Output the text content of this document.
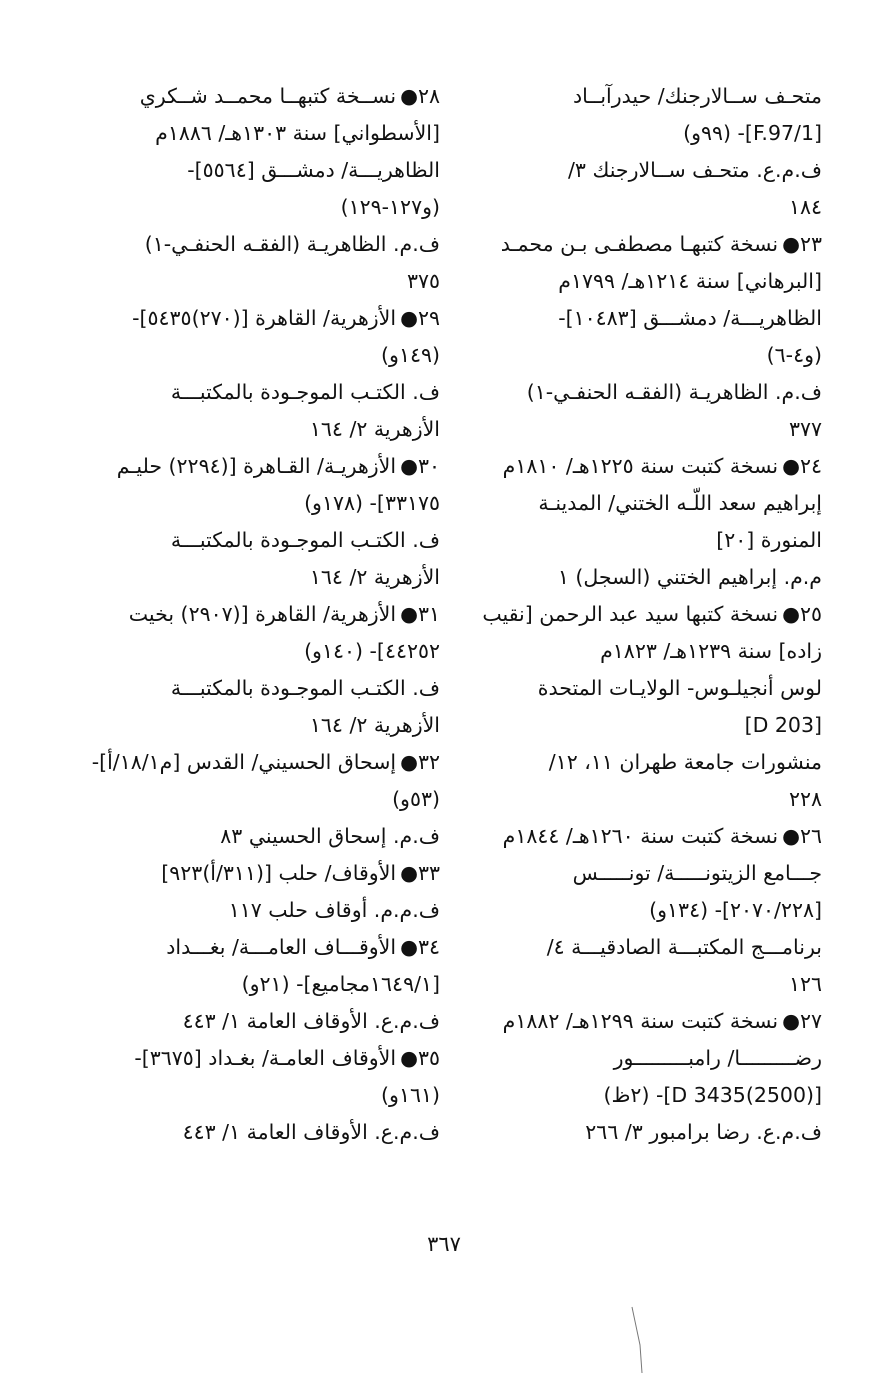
متحـف ســالارجنك/ حيدرآبــاد
[F.97/1]- (٩٩و)
ف.م.ع. متحـف ســالارجنك ٣/
١٨٤
٢٣●نسخة كتبهـا مصطفـى بـن محمـد
[البرهاني] سنة ١٢١٤هـ/ ١٧٩٩م
الظاهريـــة/ دمشـــق [١٠٤٨٣]-
(و٤-٦)
ف.م. الظاهريـة (الفقـه الحنفـي-١)
٣٧٧
٢٤●نسخة كتبت سنة ١٢٢٥هـ/ ١٨١٠م
إبراهيم سعد اللّـه الختني/ المدينـة
المنورة [٢٠]
م.م. إبراهيم الختني (السجل) ١
٢٥●نسخة كتبها سيد عبد الرحمن [نقيب
زاده] سنة ١٢٣٩هـ/ ١٨٢٣م
لوس أنجيلـوس- الولايـات المتحدة
[D 203]
منشورات جامعة طهران ١١، ١٢/
٢٢٨
٢٦●نسخة كتبت سنة ١٢٦٠هـ/ ١٨٤٤م
جـــامع الزيتونـــــة/ تونـــــس
[٢٠٧٠/٢٢٨]- (١٣٤و)
برنامـــج المكتبـــة الصادقيـــة ٤/
١٢٦
٢٧●نسخة كتبت سنة ١٢٩٩هـ/ ١٨٨٢م
رضـــــــــا/ رامبـــــــــور
[D 3435(2500)]- (٢ظ)
ف.م.ع. رضا برامبور ٣/ ٢٦٦
٢٨●نســخة كتبهــا محمــد شــكري
[الأسطواني] سنة ١٣٠٣هـ/ ١٨٨٦م
الظاهريـــة/ دمشـــق [٥٥٦٤]-
(و١٢٧-١٢٩)
ف.م. الظاهريـة (الفقـه الحنفـي-١)
٣٧٥
٢٩●الأزهرية/ القاهرة [(٢٧٠)٥٤٣٥]-
(١٤٩و)
ف. الكتـب الموجـودة بالمكتبـــة
الأزهرية ٢/ ١٦٤
٣٠●الأزهريـة/ القـاهرة [(٢٢٩٤) حليـم
٣٣١٧٥]- (١٧٨و)
ف. الكتـب الموجـودة بالمكتبـــة
الأزهرية ٢/ ١٦٤
٣١●الأزهرية/ القاهرة [(٢٩٠٧) بخيت
٤٤٢٥٢]- (١٤٠و)
ف. الكتـب الموجـودة بالمكتبـــة
الأزهرية ٢/ ١٦٤
٣٢●إسحاق الحسيني/ القدس [م١٨/١/أ]-
(٥٣و)
ف.م. إسحاق الحسيني ٨٣
٣٣●الأوقاف/ حلب [(٣١١/أ)٩٢٣]
ف.م.م. أوقاف حلب ١١٧
٣٤●الأوقـــاف العامـــة/ بغـــداد
[١٦٤٩/١مجاميع]- (٢١و)
ف.م.ع. الأوقاف العامة ١/ ٤٤٣
٣٥●الأوقاف العامـة/ بغـداد [٣٦٧٥]-
(١٦١و)
ف.م.ع. الأوقاف العامة ١/ ٤٤٣
٣٦٧
